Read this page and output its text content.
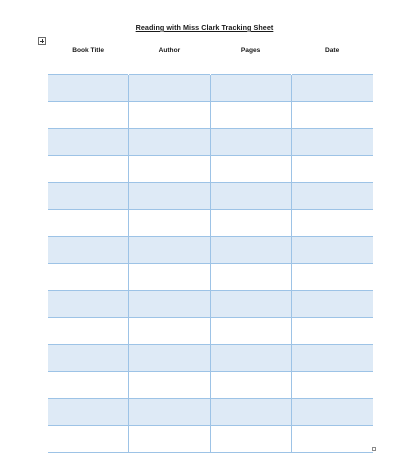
Reading with Miss Clark Tracking Sheet
Book Title	Author	Pages	Date
